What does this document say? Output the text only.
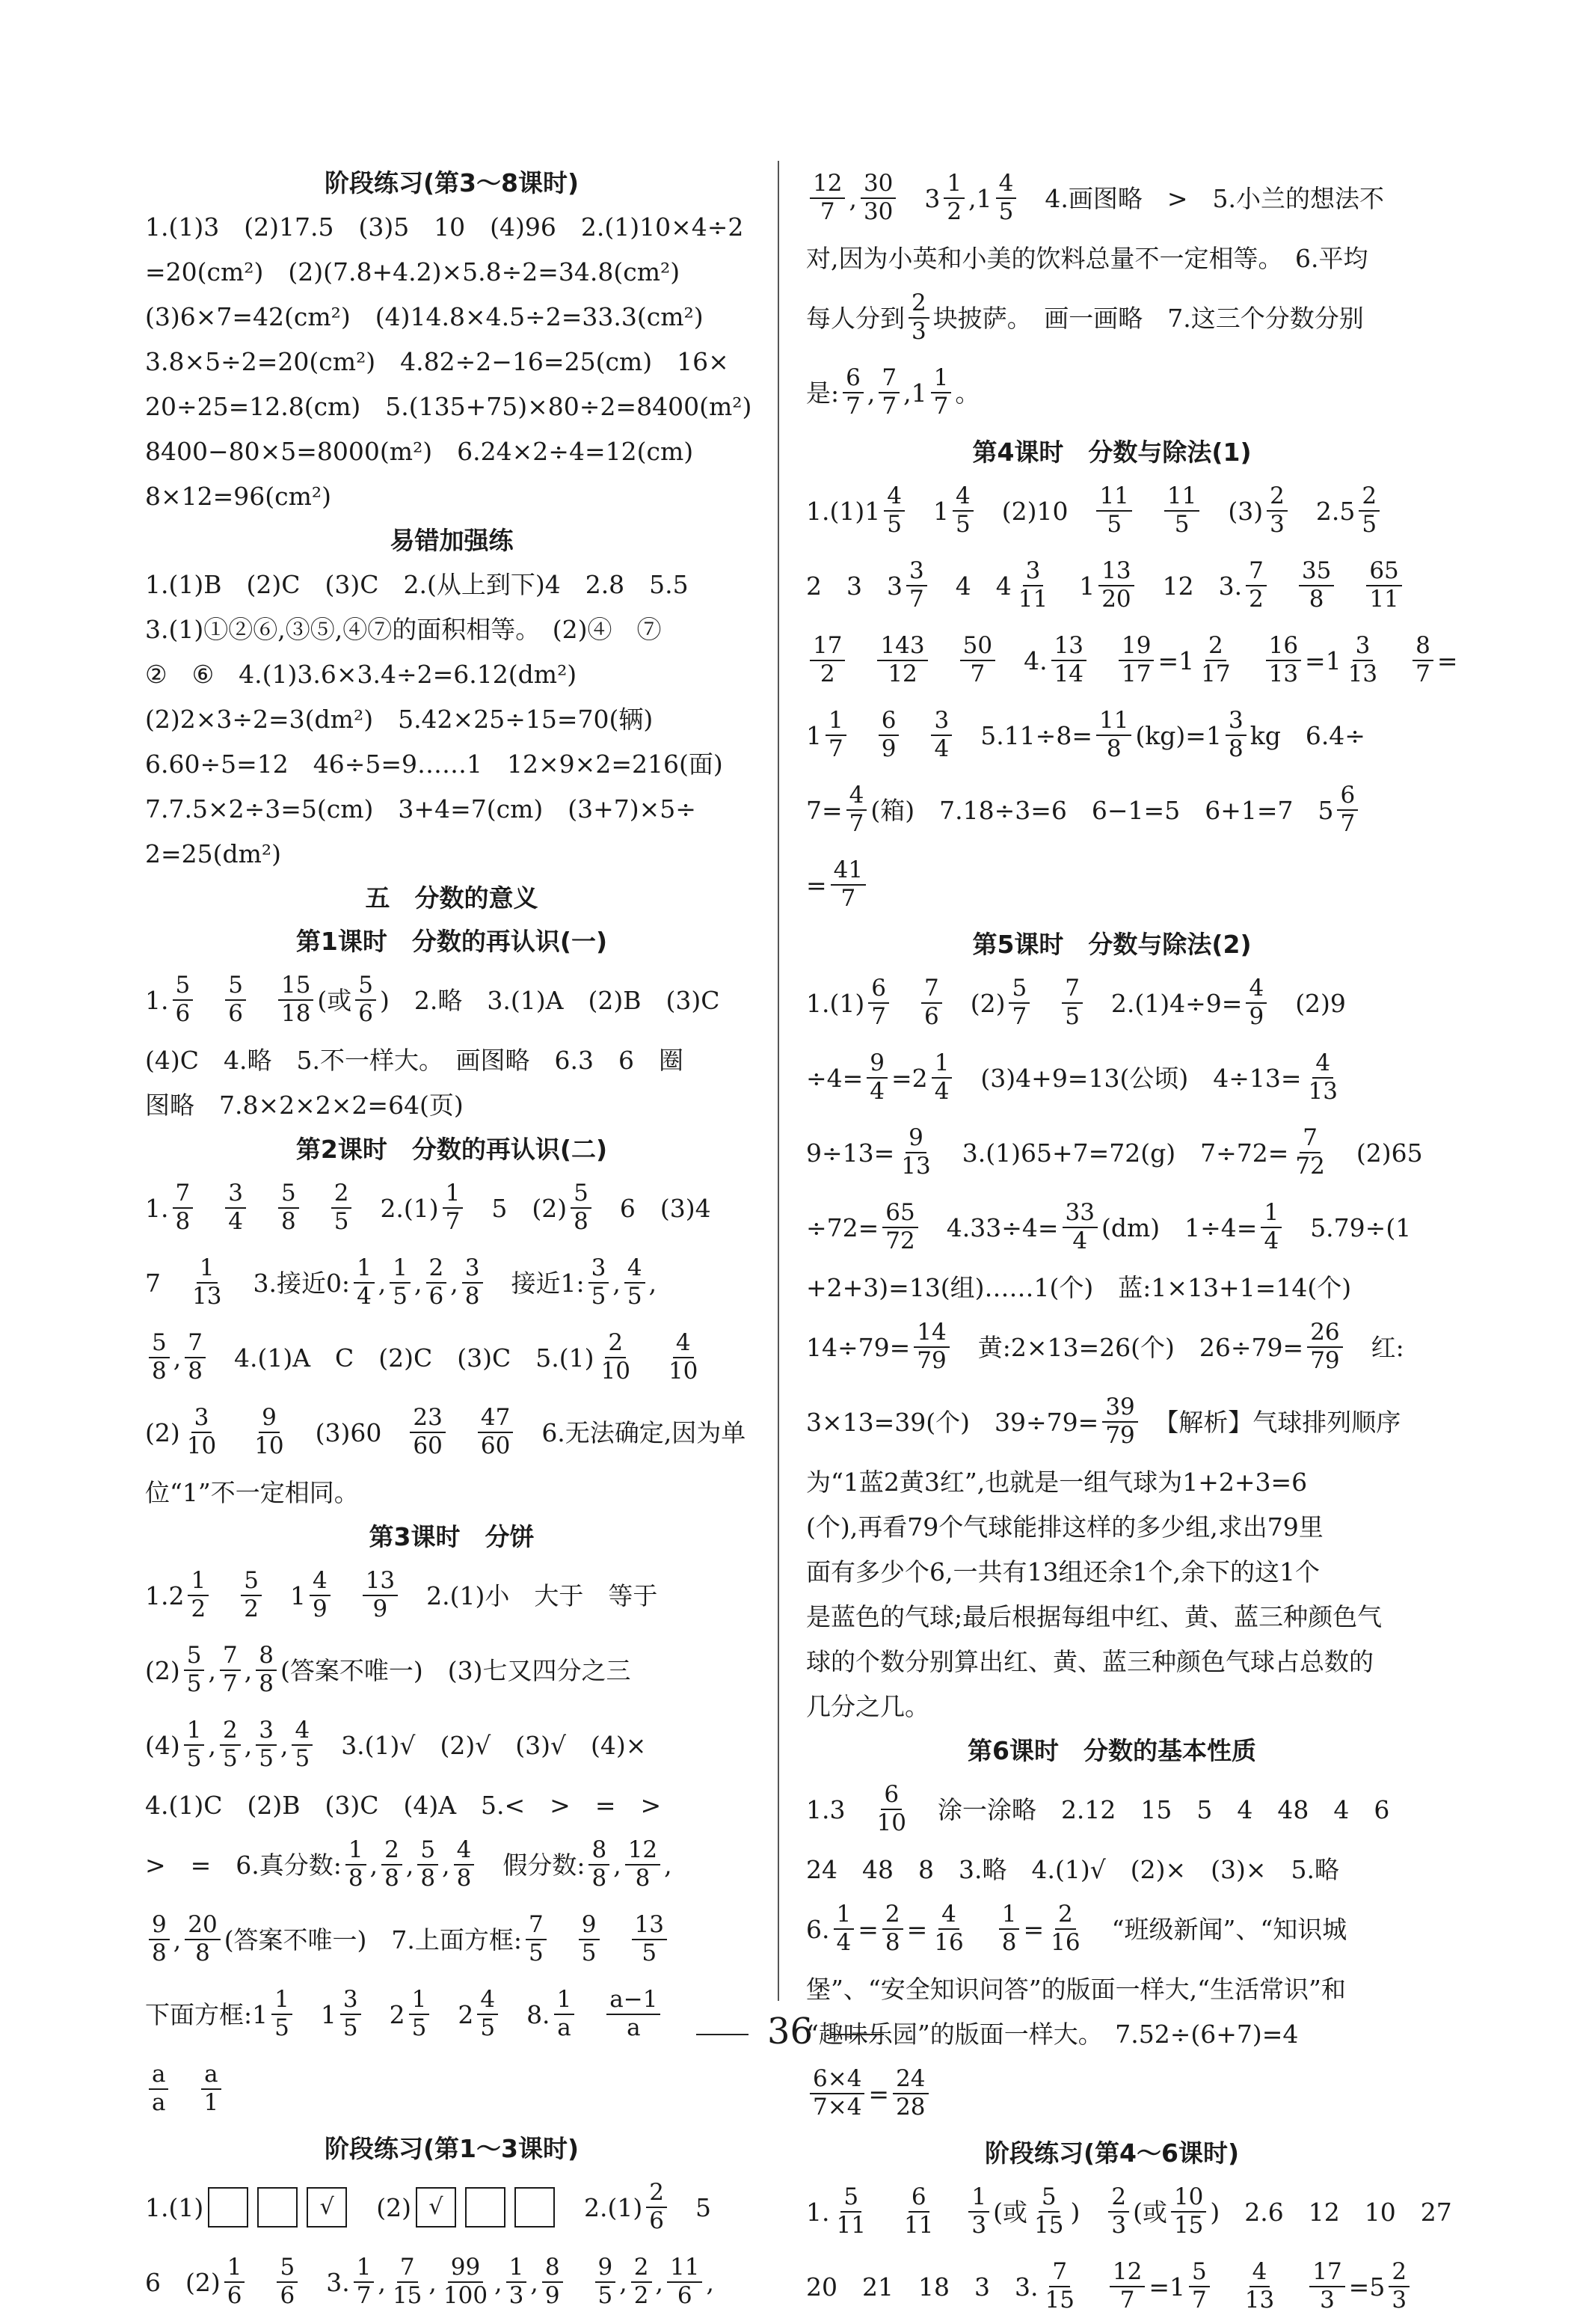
阶段练习(第3～8课时)
1.(1)3　(2)17.5　(3)5　10　(4)96　2.(1)10×4÷2
=20(cm²)　(2)(7.8+4.2)×5.8÷2=34.8(cm²)
(3)6×7=42(cm²)　(4)14.8×4.5÷2=33.3(cm²)
3.8×5÷2=20(cm²)　4.82÷2−16=25(cm)　16×
20÷25=12.8(cm)　5.(135+75)×80÷2=8400(m²)
8400−80×5=8000(m²)　6.24×2÷4=12(cm)
8×12=96(cm²)
易错加强练
1.(1)B　(2)C　(3)C　2.(从上到下)4　2.8　5.5
3.(1)①②⑥,③⑤,④⑦的面积相等。　(2)④　⑦
②　⑥　4.(1)3.6×3.4÷2=6.12(dm²)
(2)2×3÷2=3(dm²)　5.42×25÷15=70(辆)
6.60÷5=12　46÷5=9……1　12×9×2=216(面)
7.7.5×2÷3=5(cm)　3+4=7(cm)　(3+7)×5÷
2=25(dm²)
五　分数的意义
第1课时　分数的再认识(一)
1. $\frac{5}{6}$
　 $\frac{5}{6}$
　 $\frac{15}{18}$ (或 $\frac{5}{6}$ )　2.略　3.(1)A　(2)B　(3)C
(4)C　4.略　5.不一样大。　画图略　6.3　6　圈
图略　7.8×2×2×2=64(页)
第2课时　分数的再认识(二)
1. $\frac{7}{8}$
　 $\frac{3}{4}$
　 $\frac{5}{8}$
　 $\frac{2}{5}$ 　$2.(1) \frac{1}{7}$ 　5　$(2) \frac{5}{8}$ 　6　(3)4
7　 $\frac{1}{13}$ 　3.接近0: $\frac{1}{4}$ , $\frac{1}{5}$ , $\frac{2}{6}$ , $\frac{3}{8}$ 　接近1: $\frac{3}{5}$ , $\frac{4}{5}$ ,
$\frac{5}{8}$ , $\frac{7}{8}$ 　4.(1)A　C　(2)C　(3)C　$5.(1) \frac{2}{10}$
　 $\frac{4}{10}$
$(2) \frac{3}{10}$
　 $\frac{9}{10}$ 　(3)60　 $\frac{23}{60}$
　 $\frac{47}{60}$ 　6.无法确定,因为单
位“1”不一定相同。
第3课时　分饼
$1.2 \frac{1}{2}$
　 $\frac{5}{2}$ 　$1 \frac{4}{9}$
　 $\frac{13}{9}$ 　2.(1)小　大于　等于
$(2) \frac{5}{5}$ , $\frac{7}{7}$ , $\frac{8}{8}$ (答案不唯一)　(3)七又四分之三
$(4) \frac{1}{5}$ , $\frac{2}{5}$ , $\frac{3}{5}$ , $\frac{4}{5}$ 　3.(1)√　(2)√　(3)√　(4)×
4.(1)C　(2)B　(3)C　(4)A　5.<　>　=　>
>　=　6.真分数: $\frac{1}{8}$ , $\frac{2}{8}$ , $\frac{5}{8}$ , $\frac{4}{8}$ 　假分数: $\frac{8}{8}$ , $\frac{12}{8}$ ,
$\frac{9}{8}$ , $\frac{20}{8}$ (答案不唯一)　7.上面方框: $\frac{7}{5}$
　 $\frac{9}{5}$
　 $\frac{13}{5}$
下面方框:1 $\frac{1}{5}$ 　$1 \frac{3}{5}$ 　$2 \frac{1}{5}$ 　$2 \frac{4}{5}$ 　8. $\frac{1}{a}$
　 $\frac{a-1}{a}$
$\frac{a}{a}$
　 $\frac{a}{1}$
阶段练习(第1～3课时)
1.(1)	√ 　(2) √	　$2.(1) \frac{2}{6}$ 　5
6　$(2) \frac{1}{6}$
　 $\frac{5}{6}$ 　3. $\frac{1}{7}$ , $\frac{7}{15}$ , $\frac{99}{100}$ , $\frac{1}{3}$ , $\frac{8}{9}$
　 $\frac{9}{5}$ , $\frac{2}{2}$ , $\frac{11}{6}$ ,
$\frac{12}{7}$ , $\frac{30}{30}$ 　$3 \frac{1}{2} ,1 \frac{4}{5}$ 　4.画图略　>　5.小兰的想法不
对,因为小英和小美的饮料总量不一定相等。　6.平均
每人分到 $\frac{2}{3}$ 块披萨。　画一画略　7.这三个分数分别
是: $\frac{6}{7}$ , $\frac{7}{7} ,1 \frac{1}{7}$ 。
第4课时　分数与除法(1)
$1.(1)1 \frac{4}{5}$ 　$1 \frac{4}{5}$ 　(2)10　 $\frac{11}{5}$
　 $\frac{11}{5}$ 　$(3) \frac{2}{3}$ 　$2.5 \frac{2}{5}$
2　3　$3 \frac{3}{7}$ 　4　$4 \frac{3}{11}$ 　$1 \frac{13}{20}$ 　12　3. $\frac{7}{2}$
　 $\frac{35}{8}$
　 $\frac{65}{11}$
$\frac{17}{2}$
　 $\frac{143}{12}$
　 $\frac{50}{7}$ 　4. $\frac{13}{14}$
　 $\frac{19}{17} =1 \frac{2}{17}$
　 $\frac{16}{13} =1 \frac{3}{13}$
　 $\frac{8}{7}$ =
$1 \frac{1}{7}$
　 $\frac{6}{9}$
　 $\frac{3}{4}$ 　$5.11\div 8= \frac{11}{8} (kg)=1 \frac{3}{8}$ kg　6.4÷
$7= \frac{4}{7}$ (箱)　7.18÷3=6　6−1=5　6+1=7　$5 \frac{6}{7}$
= $\frac{41}{7}$
第5课时　分数与除法(2)
$1.(1) \frac{6}{7}$
　 $\frac{7}{6}$ 　$(2) \frac{5}{7}$
　 $\frac{7}{5}$ 　$2.(1)4\div 9= \frac{4}{9}$ 　(2)9
$\div 4= \frac{9}{4} =2 \frac{1}{4}$ 　(3)4+9=13(公顷)　$4\div 13= \frac{4}{13}$
$9\div 13= \frac{9}{13}$ 　3.(1)65+7=72(g)　$7\div 72= \frac{7}{72}$ 　(2)65
$\div 72= \frac{65}{72}$ 　$4.33\div 4= \frac{33}{4} (dm)$　$1\div 4= \frac{1}{4}$ 　5.79÷(1
+2+3)=13(组)……1(个)　蓝:1×13+1=14(个)
$14\div 79= \frac{14}{79}$ 　黄:2×13=26(个)　$26\div 79= \frac{26}{79}$ 　红:
3×13=39(个)　$39\div 79= \frac{39}{79}$ 　【解析】气球排列顺序
为“1蓝2黄3红”,也就是一组气球为1+2+3=6
(个),再看79个气球能排这样的多少组,求出79里
面有多少个6,一共有13组还余1个,余下的这1个
是蓝色的气球;最后根据每组中红、黄、蓝三种颜色气
球的个数分别算出红、黄、蓝三种颜色气球占总数的
几分之几。
第6课时　分数的基本性质
1.3　 $\frac{6}{10}$ 　涂一涂略　2.12　15　5　4　48　4　6
24　48　8　3.略　4.(1)√　(2)×　(3)×　5.略
6. $\frac{1}{4} = \frac{2}{8} = \frac{4}{16}$
　 $\frac{1}{8} = \frac{2}{16}$ 　“班级新闻”、“知识城
堡”、“安全知识问答”的版面一样大,“生活常识”和
“趣味乐园”的版面一样大。　7.52÷(6+7)=4
$\frac{6\times 4}{7\times 4} = \frac{24}{28}$
阶段练习(第4～6课时)
1. $\frac{5}{11}$
　 $\frac{6}{11}$
　 $\frac{1}{3}$ (或 $\frac{5}{15}$ )　 $\frac{2}{3}$ (或 $\frac{10}{15}$ )　2.6　12　10　27
20　21　18　3　3. $\frac{7}{15}$
　 $\frac{12}{7} =1 \frac{5}{7}$
　 $\frac{4}{13}$
　 $\frac{17}{3} =5 \frac{2}{3}$
36
